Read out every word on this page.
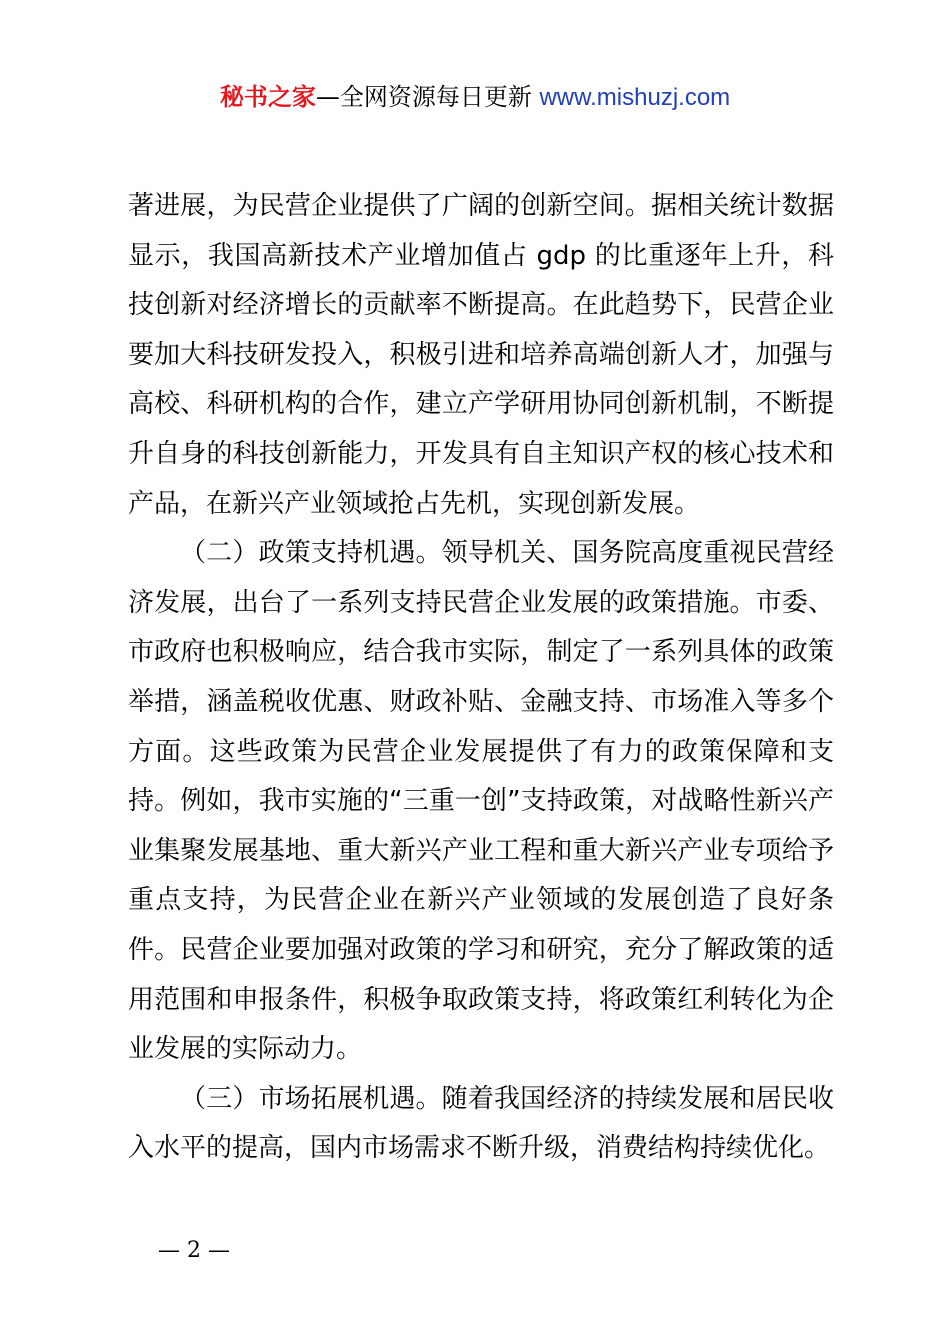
秘书之家—全网资源每日更新 www.mishuzj.com

著进展，为民营企业提供了广阔的创新空间。据相关统计数据显示，我国高新技术产业增加值占 gdp 的比重逐年上升，科技创新对经济增长的贡献率不断提高。在此趋势下，民营企业要加大科技研发投入，积极引进和培养高端创新人才，加强与高校、科研机构的合作，建立产学研用协同创新机制，不断提升自身的科技创新能力，开发具有自主知识产权的核心技术和产品，在新兴产业领域抢占先机，实现创新发展。

（二）政策支持机遇。领导机关、国务院高度重视民营经济发展，出台了一系列支持民营企业发展的政策措施。市委、市政府也积极响应，结合我市实际，制定了一系列具体的政策举措，涵盖税收优惠、财政补贴、金融支持、市场准入等多个方面。这些政策为民营企业发展提供了有力的政策保障和支持。例如，我市实施的“三重一创”支持政策，对战略性新兴产业集聚发展基地、重大新兴产业工程和重大新兴产业专项给予重点支持，为民营企业在新兴产业领域的发展创造了良好条件。民营企业要加强对政策的学习和研究，充分了解政策的适用范围和申报条件，积极争取政策支持，将政策红利转化为企业发展的实际动力。

（三）市场拓展机遇。随着我国经济的持续发展和居民收入水平的提高，国内市场需求不断升级，消费结构持续优化。

— 2 —
